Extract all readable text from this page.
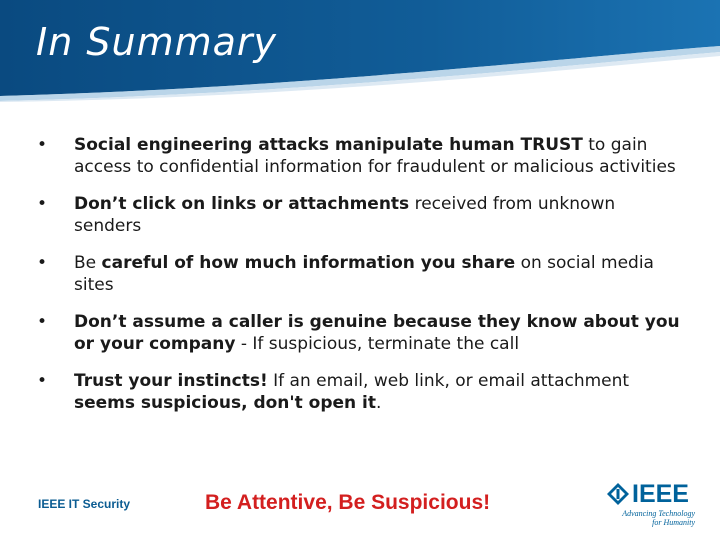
In Summary
• Social engineering attacks manipulate human TRUST to gain access to confidential information for fraudulent or malicious activities
• Don’t click on links or attachments received from unknown senders
• Be careful of how much information you share on social media sites
• Don’t assume a caller is genuine because they know about you or your company - If suspicious, terminate the call
• Trust your instincts! If an email, web link, or email attachment seems suspicious, don't open it.
IEEE IT Security	Be Attentive, Be Suspicious!	IEEE
Advancing Technology
for Humanity
